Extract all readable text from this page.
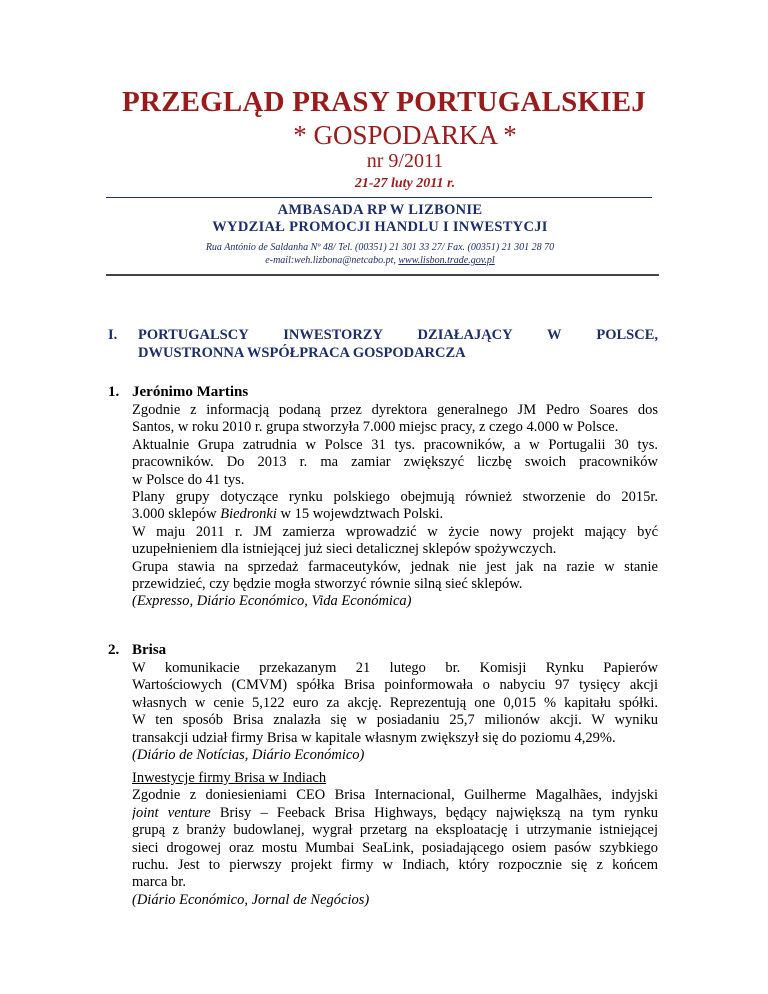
PRZEGLĄD PRASY PORTUGALSKIEJ
* GOSPODARKA *
nr 9/2011
21-27 luty 2011 r.
AMBASADA RP W LIZBONIE
WYDZIAŁ PROMOCJI HANDLU I INWESTYCJI
Rua António de Saldanha Nº 48/ Tel. (00351) 21 301 33 27/ Fax. (00351) 21 301 28 70
e-mail:weh.lizbona@netcabo.pt, www.lisbon.trade.gov.pl
I. PORTUGALSCY INWESTORZY DZIAŁAJĄCY W POLSCE,
DWUSTRONNA WSPÓŁPRACA GOSPODARCZA
1. Jerónimo Martins
Zgodnie z informacją podaną przez dyrektora generalnego JM Pedro Soares dos
Santos, w roku 2010 r. grupa stworzyła 7.000 miejsc pracy, z czego 4.000 w Polsce.
Aktualnie Grupa zatrudnia w Polsce 31 tys. pracowników, a w Portugalii 30 tys.
pracowników. Do 2013 r. ma zamiar zwiększyć liczbę swoich pracowników
w Polsce do 41 tys.
Plany grupy dotyczące rynku polskiego obejmują również stworzenie do 2015r.
3.000 sklepów Biedronki w 15 wojewdztwach Polski.
W maju 2011 r. JM zamierza wprowadzić w życie nowy projekt mający być
uzupełnieniem dla istniejącej już sieci detalicznej sklepów spożywczych.
Grupa stawia na sprzedaż farmaceutyków, jednak nie jest jak na razie w stanie
przewidzieć, czy będzie mogła stworzyć równie silną sieć sklepów.
(Expresso, Diário Económico, Vida Económica)
2. Brisa
W komunikacie przekazanym 21 lutego br. Komisji Rynku Papierów
Wartościowych (CMVM) spółka Brisa poinformowała o nabyciu 97 tysięcy akcji
własnych w cenie 5,122 euro za akcję. Reprezentują one 0,015 % kapitału spółki.
W ten sposób Brisa znalazła się w posiadaniu 25,7 milionów akcji. W wyniku
transakcji udział firmy Brisa w kapitale własnym zwiększył się do poziomu 4,29%.
(Diário de Notícias, Diário Económico)
Inwestycje firmy Brisa w Indiach
Zgodnie z doniesieniami CEO Brisa Internacional, Guilherme Magalhães, indyjski
joint venture Brisy – Feeback Brisa Highways, będący największą na tym rynku
grupą z branży budowlanej, wygrał przetarg na eksploatację i utrzymanie istniejącej
sieci drogowej oraz mostu Mumbai SeaLink, posiadającego osiem pasów szybkiego
ruchu. Jest to pierwszy projekt firmy w Indiach, który rozpocznie się z końcem
marca br.
(Diário Económico, Jornal de Negócios)
